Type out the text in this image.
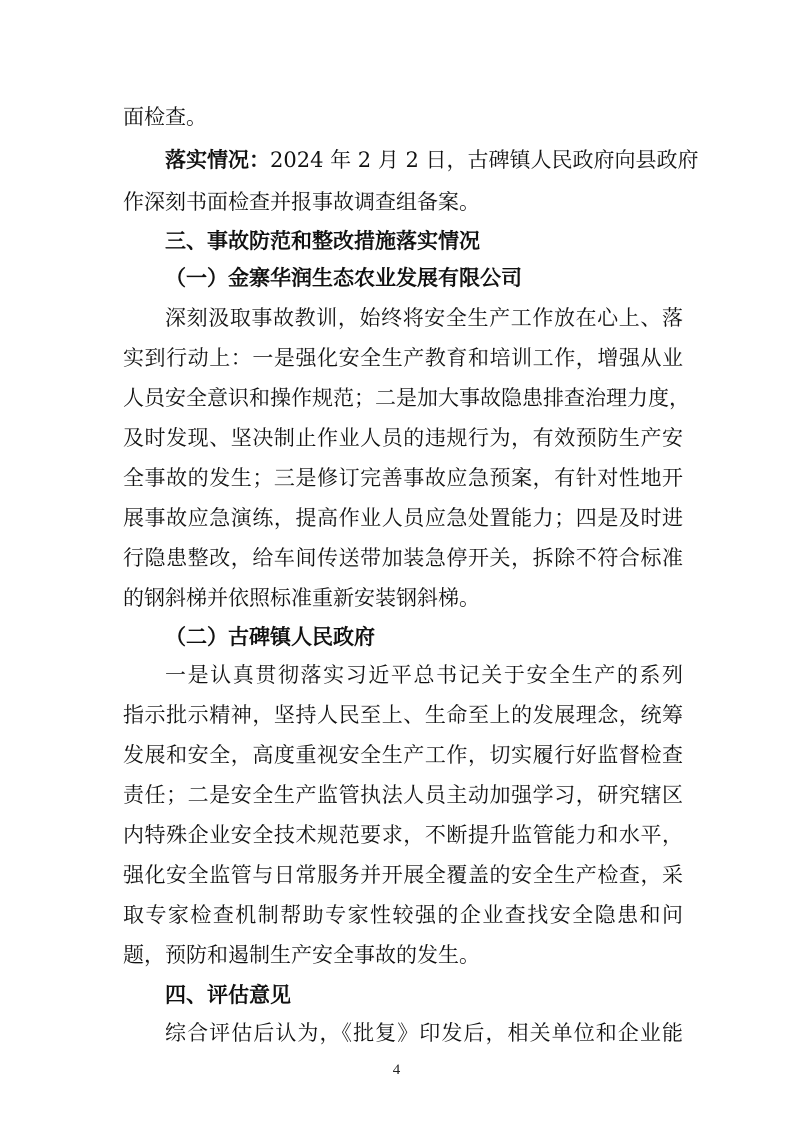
面检查。
落实情况：2024 年 2 月 2 日，古碑镇人民政府向县政府
作深刻书面检查并报事故调查组备案。
三、事故防范和整改措施落实情况
（一）金寨华润生态农业发展有限公司
深刻汲取事故教训，始终将安全生产工作放在心上、落
实到行动上：一是强化安全生产教育和培训工作，增强从业
人员安全意识和操作规范；二是加大事故隐患排查治理力度，
及时发现、坚决制止作业人员的违规行为，有效预防生产安
全事故的发生；三是修订完善事故应急预案，有针对性地开
展事故应急演练，提高作业人员应急处置能力；四是及时进
行隐患整改，给车间传送带加装急停开关，拆除不符合标准
的钢斜梯并依照标准重新安装钢斜梯。
（二）古碑镇人民政府
一是认真贯彻落实习近平总书记关于安全生产的系列
指示批示精神，坚持人民至上、生命至上的发展理念，统筹
发展和安全，高度重视安全生产工作，切实履行好监督检查
责任；二是安全生产监管执法人员主动加强学习，研究辖区
内特殊企业安全技术规范要求，不断提升监管能力和水平，
强化安全监管与日常服务并开展全覆盖的安全生产检查，采
取专家检查机制帮助专家性较强的企业查找安全隐患和问
题，预防和遏制生产安全事故的发生。
四、评估意见
综合评估后认为，《批复》印发后，相关单位和企业能
4
